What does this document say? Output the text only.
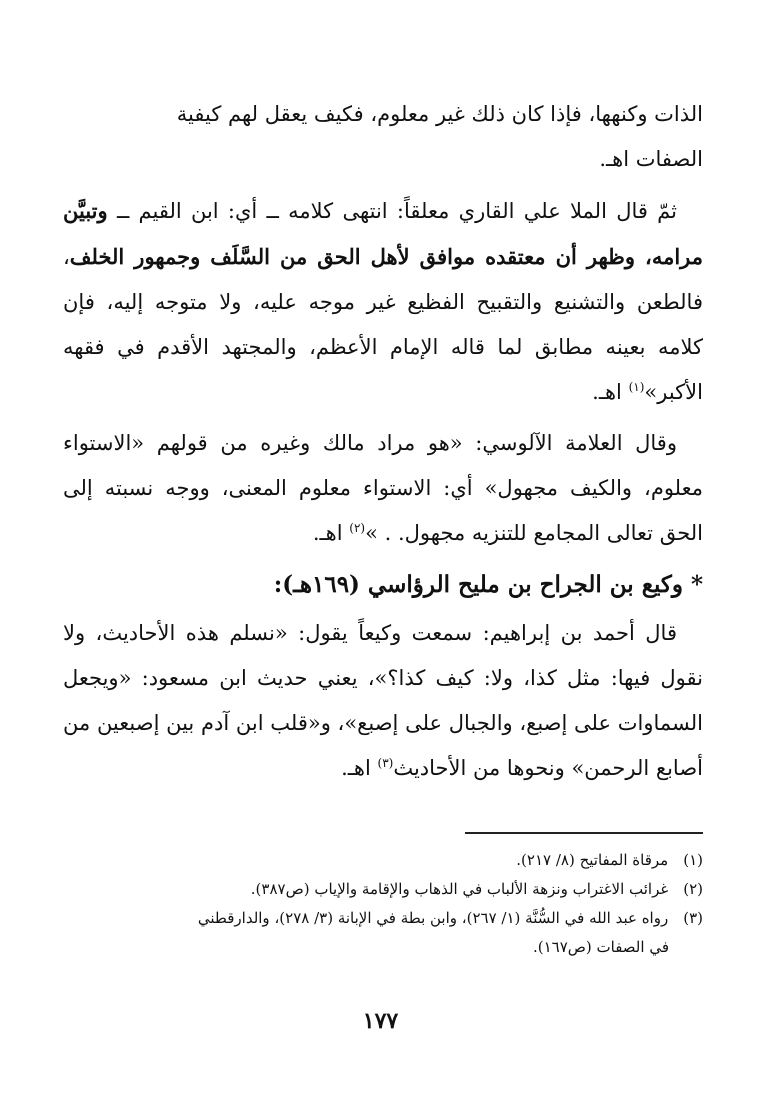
الذات وكنهها، فإذا كان ذلك غير معلوم، فكيف يعقل لهم كيفية
الصفات اهـ.

ثمّ قال الملا علي القاري معلقاً: انتهى كلامه ــ أي: ابن القيم ــ وتبيَّن مرامه، وظهر أن معتقده موافق لأهل الحق من السَّلَف وجمهور الخلف، فالطعن والتشنيع والتقبيح الفظيع غير موجه عليه، ولا متوجه إليه، فإن كلامه بعينه مطابق لما قاله الإمام الأعظم، والمجتهد الأقدم في فقهه الأكبر»$^{(١)}$ اهـ.

وقال العلامة الآلوسي: «هو مراد مالك وغيره من قولهم «الاستواء معلوم، والكيف مجهول» أي: الاستواء معلوم المعنى، ووجه نسبته إلى الحق تعالى المجامع للتنزيه مجهول. . »$^{(٢)}$ اهـ.

* وكيع بن الجراح بن مليح الرؤاسي (١٦٩هـ):

قال أحمد بن إبراهيم: سمعت وكيعاً يقول: «نسلم هذه الأحاديث، ولا نقول فيها: مثل كذا، ولا: كيف كذا؟»، يعني حديث ابن مسعود: «ويجعل السماوات على إصبع، والجبال على إصبع»، و«قلب ابن آدم بين إصبعين من أصابع الرحمن» ونحوها من الأحاديث$^{(٣)}$ اهـ.

(١) مرقاة المفاتيح (٨/ ٢١٧).

(٢) غرائب الاغتراب ونزهة الألباب في الذهاب والإقامة والإياب (ص٣٨٧).

(٣) رواه عبد الله في السُّنَّة (١/ ٢٦٧)، وابن بطة في الإبانة (٣/ ٢٧٨)، والدارقطني

في الصفات (ص١٦٧).

١٧٧
